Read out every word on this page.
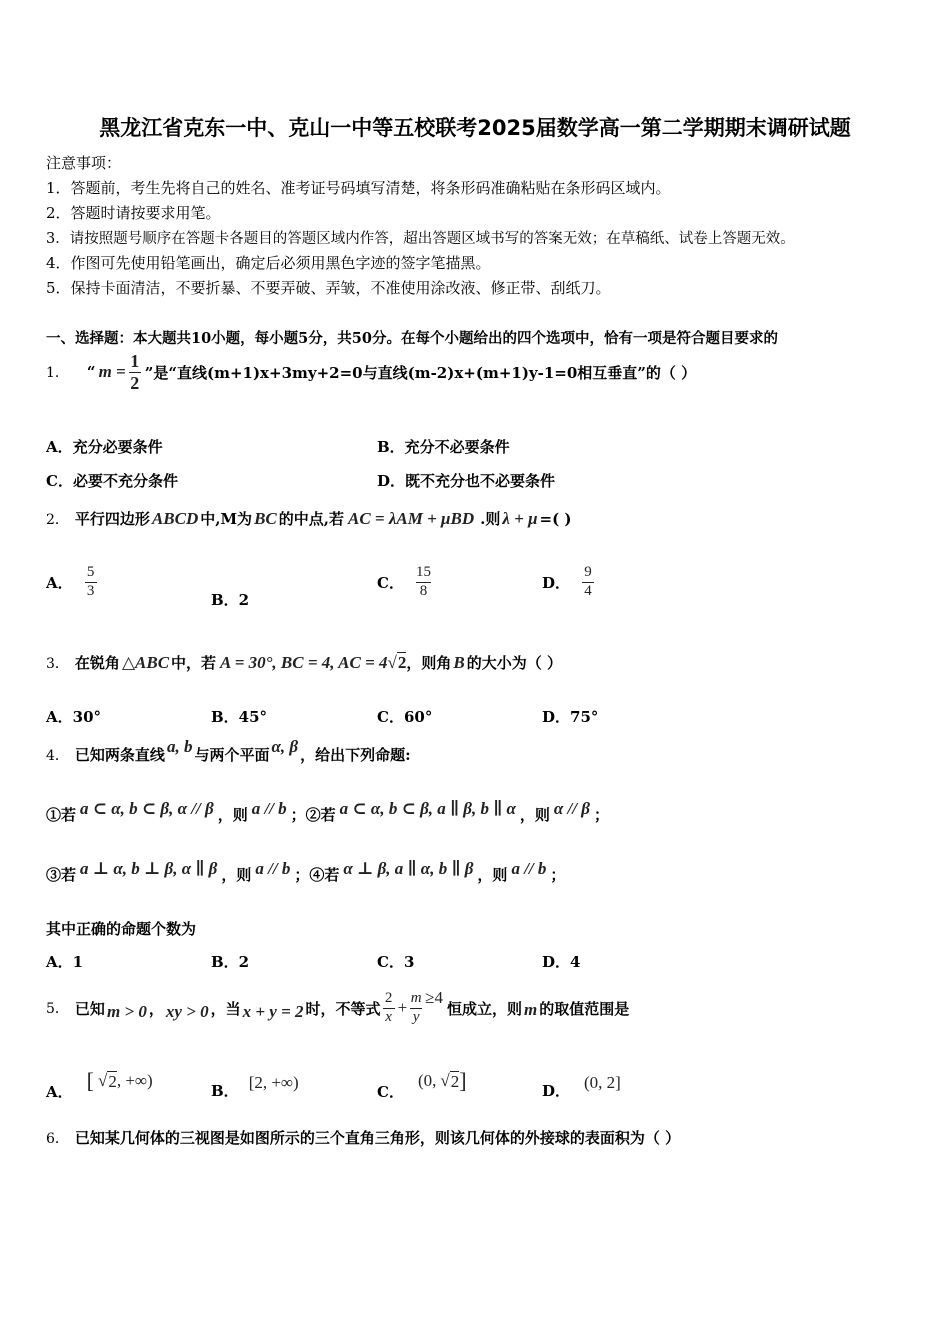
黑龙江省克东一中、克山一中等五校联考2025届数学高一第二学期期末调研试题
注意事项：
1．答题前，考生先将自己的姓名、准考证号码填写清楚，将条形码准确粘贴在条形码区域内。
2．答题时请按要求用笔。
3．请按照题号顺序在答题卡各题目的答题区域内作答，超出答题区域书写的答案无效；在草稿纸、试卷上答题无效。
4．作图可先使用铅笔画出，确定后必须用黑色字迹的签字笔描黑。
5．保持卡面清洁，不要折暴、不要弄破、弄皱，不准使用涂改液、修正带、刮纸刀。
一、选择题：本大题共10小题，每小题5分，共50分。在每个小题给出的四个选项中，恰有一项是符合题目要求的
1． “ $m = \frac{1}{2}$ ”是“直线(m+1)x+3my+2=0与直线(m-2)x+(m+1)y-1=0相互垂直”的（ ）
A．充分必要条件	B．充分不必要条件
C．必要不充分条件	D．既不充分也不必要条件
2． 平行四边形 ABCD 中,M为 BC 的中点,若 AC = λAM + μBD .则 λ + μ =( )
A． $\frac{5}{3}$
B．2
C． $\frac{15}{8}$	D． $\frac{9}{4}$
3． 在锐角 △ABC 中，若 A = 30°, BC = 4, AC = 4 √ 2 ，则角 B 的大小为（ ）
A．30°	B．45°	C．60°	D．75°
4． 已知两条直线 a, b 与两个平面 α, β ，给出下列命题:
①若 a ⊂ α, b ⊂ β, α // β ，则 a // b ；②若 a ⊂ α, b ⊂ β, a ∥ β, b ∥ α ，则 α // β ；
③若 a ⊥ α, b ⊥ β, α ∥ β ，则 a // b ；④若 α ⊥ β, a ∥ α, b ∥ β ，则 a // b ；
其中正确的命题个数为
A．1	B．2	C．3	D．4
5． 已知 m > 0 ， xy > 0 ，当 x + y = 2 时，不等式 $\frac{2}{x} + \frac{m}{y} \ge 4$
恒成立，则 m 的取值范围是
A． [ √ 2 , +∞)
B． [2, +∞)	C．
(0, √ 2 ]	D． (0, 2]
6． 已知某几何体的三视图是如图所示的三个直角三角形，则该几何体的外接球的表面积为（ ）
